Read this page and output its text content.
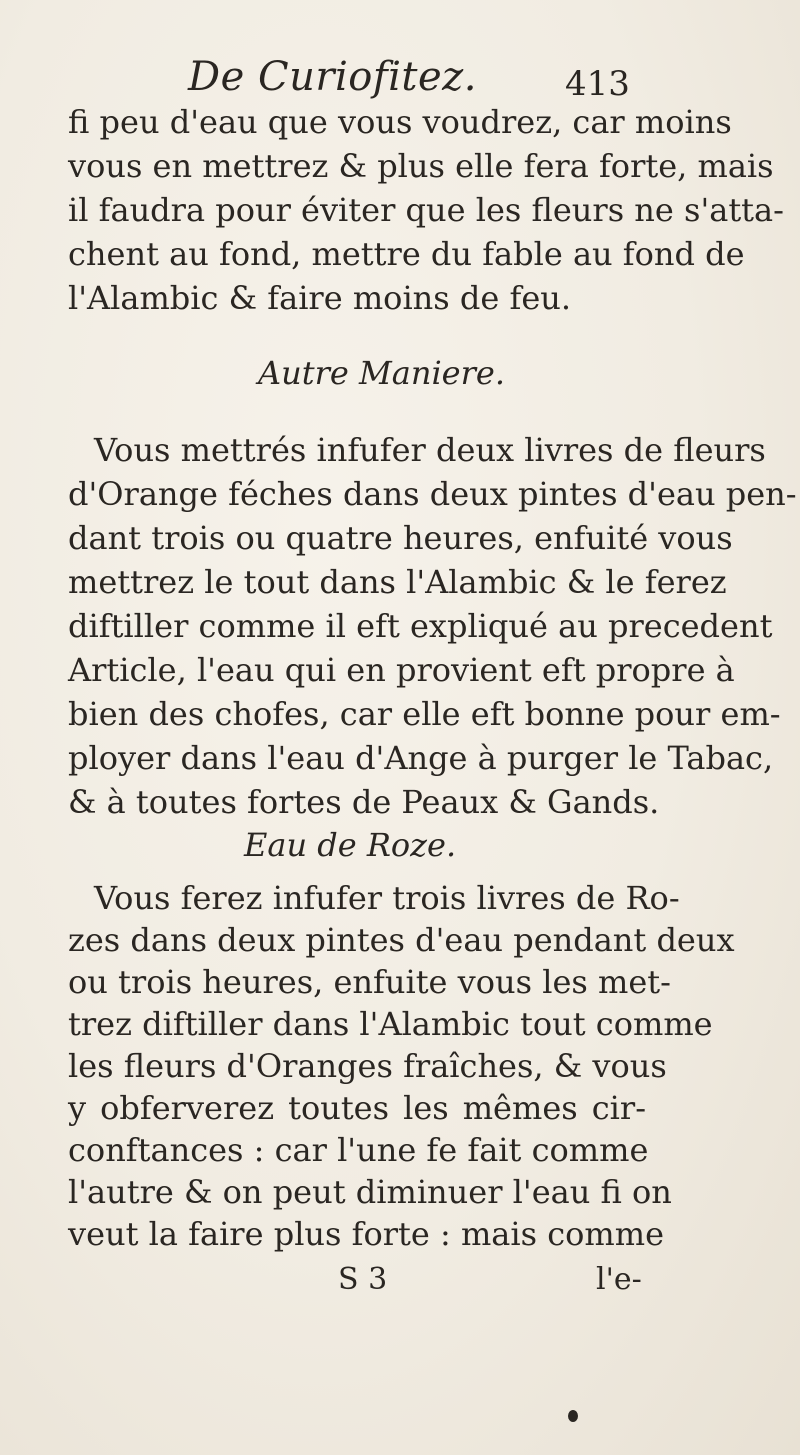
De Curiofitez.	413
fi peu d'eau que vous voudrez, car moins
vous en mettrez & plus elle fera forte, mais
il faudra pour éviter que les fleurs ne s'atta-
chent au fond, mettre du fable au fond de
l'Alambic & faire moins de feu.
Autre Maniere.
Vous mettrés infufer deux livres de fleurs
d'Orange féches dans deux pintes d'eau pen-
dant trois ou quatre heures, enfuité vous
mettrez le tout dans l'Alambic & le ferez
diftiller comme il eft expliqué au precedent
Article, l'eau qui en provient eft propre à
bien des chofes, car elle eft bonne pour em-
ployer dans l'eau d'Ange à purger le Tabac,
& à toutes fortes de Peaux & Gands.
Eau de Roze.
Vous ferez infufer trois livres de Ro-
zes dans deux pintes d'eau pendant deux
ou trois heures, enfuite vous les met-
trez diftiller dans l'Alambic tout comme
les fleurs d'Oranges fraîches, & vous
y obferverez toutes les mêmes cir-
conftances : car l'une fe fait comme
l'autre & on peut diminuer l'eau fi on
veut la faire plus forte : mais comme
S 3	l'e-
